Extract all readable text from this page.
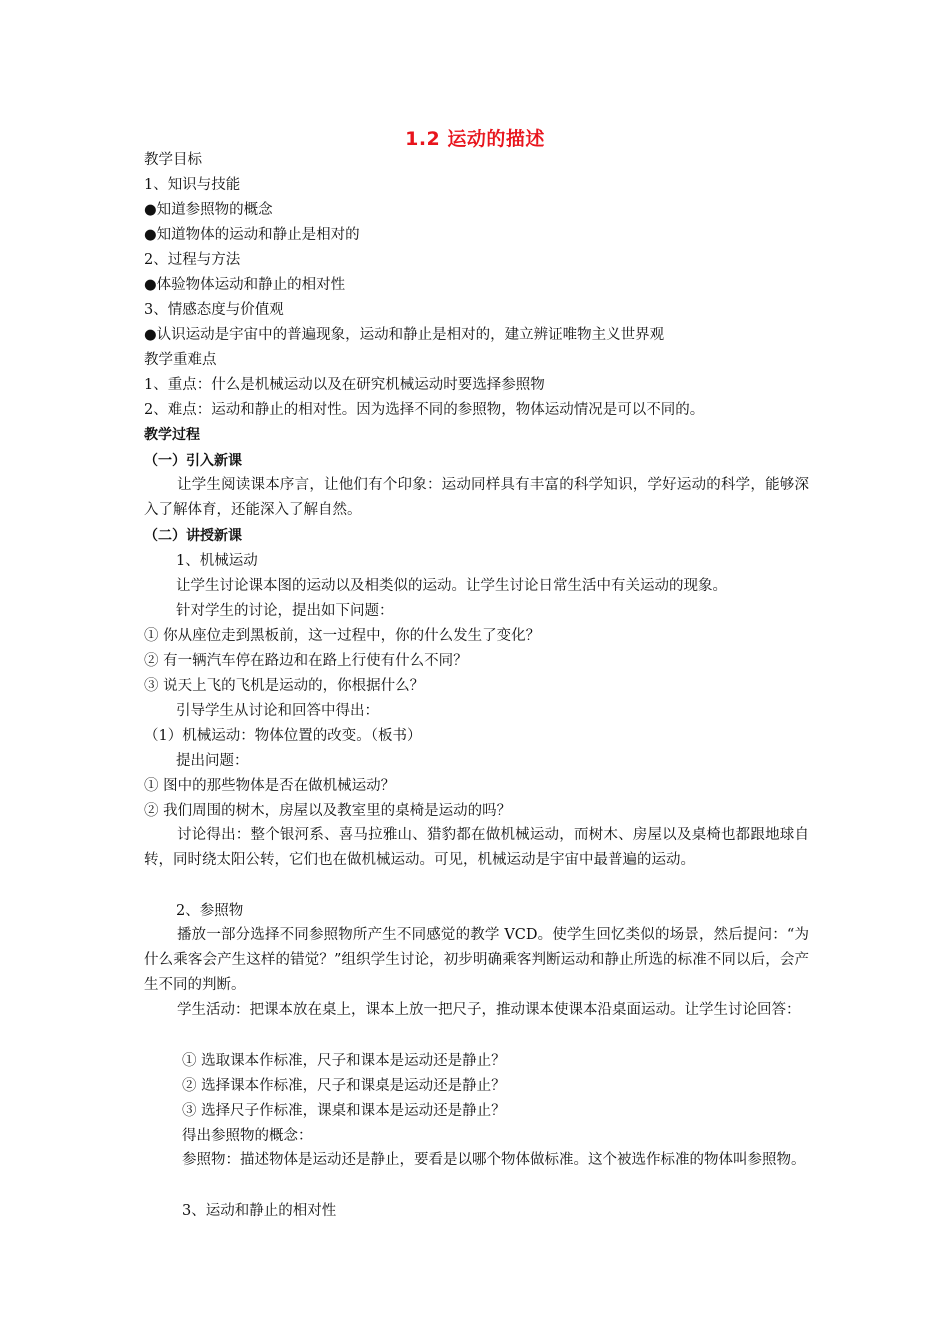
1.2 运动的描述
教学目标
1、知识与技能
●知道参照物的概念
●知道物体的运动和静止是相对的
2、过程与方法
●体验物体运动和静止的相对性
3、情感态度与价值观
●认识运动是宇宙中的普遍现象，运动和静止是相对的，建立辨证唯物主义世界观
教学重难点
1、重点：什么是机械运动以及在研究机械运动时要选择参照物
2、难点：运动和静止的相对性。因为选择不同的参照物，物体运动情况是可以不同的。
教学过程
（一）引入新课
让学生阅读课本序言，让他们有个印象：运动同样具有丰富的科学知识，学好运动的科学，能够深入了解体育，还能深入了解自然。
（二）讲授新课
1、机械运动
让学生讨论课本图的运动以及相类似的运动。让学生讨论日常生活中有关运动的现象。
针对学生的讨论，提出如下问题：
① 你从座位走到黑板前，这一过程中，你的什么发生了变化？
② 有一辆汽车停在路边和在路上行使有什么不同？
③ 说天上飞的飞机是运动的，你根据什么？
引导学生从讨论和回答中得出：
（1）机械运动：物体位置的改变。（板书）
提出问题：
① 图中的那些物体是否在做机械运动？
② 我们周围的树木，房屋以及教室里的桌椅是运动的吗？
讨论得出：整个银河系、喜马拉雅山、猎豹都在做机械运动，而树木、房屋以及桌椅也都跟地球自转，同时绕太阳公转，它们也在做机械运动。可见，机械运动是宇宙中最普遍的运动。
2、参照物
播放一部分选择不同参照物所产生不同感觉的教学 VCD。使学生回忆类似的场景，然后提问：“为什么乘客会产生这样的错觉？”组织学生讨论，初步明确乘客判断运动和静止所选的标准不同以后，会产生不同的判断。
学生活动：把课本放在桌上，课本上放一把尺子，推动课本使课本沿桌面运动。让学生讨论回答：
① 选取课本作标准，尺子和课本是运动还是静止？
② 选择课本作标准，尺子和课桌是运动还是静止？
③ 选择尺子作标准，课桌和课本是运动还是静止？
得出参照物的概念：
参照物：描述物体是运动还是静止，要看是以哪个物体做标准。这个被选作标准的物体叫参照物。
3、运动和静止的相对性
